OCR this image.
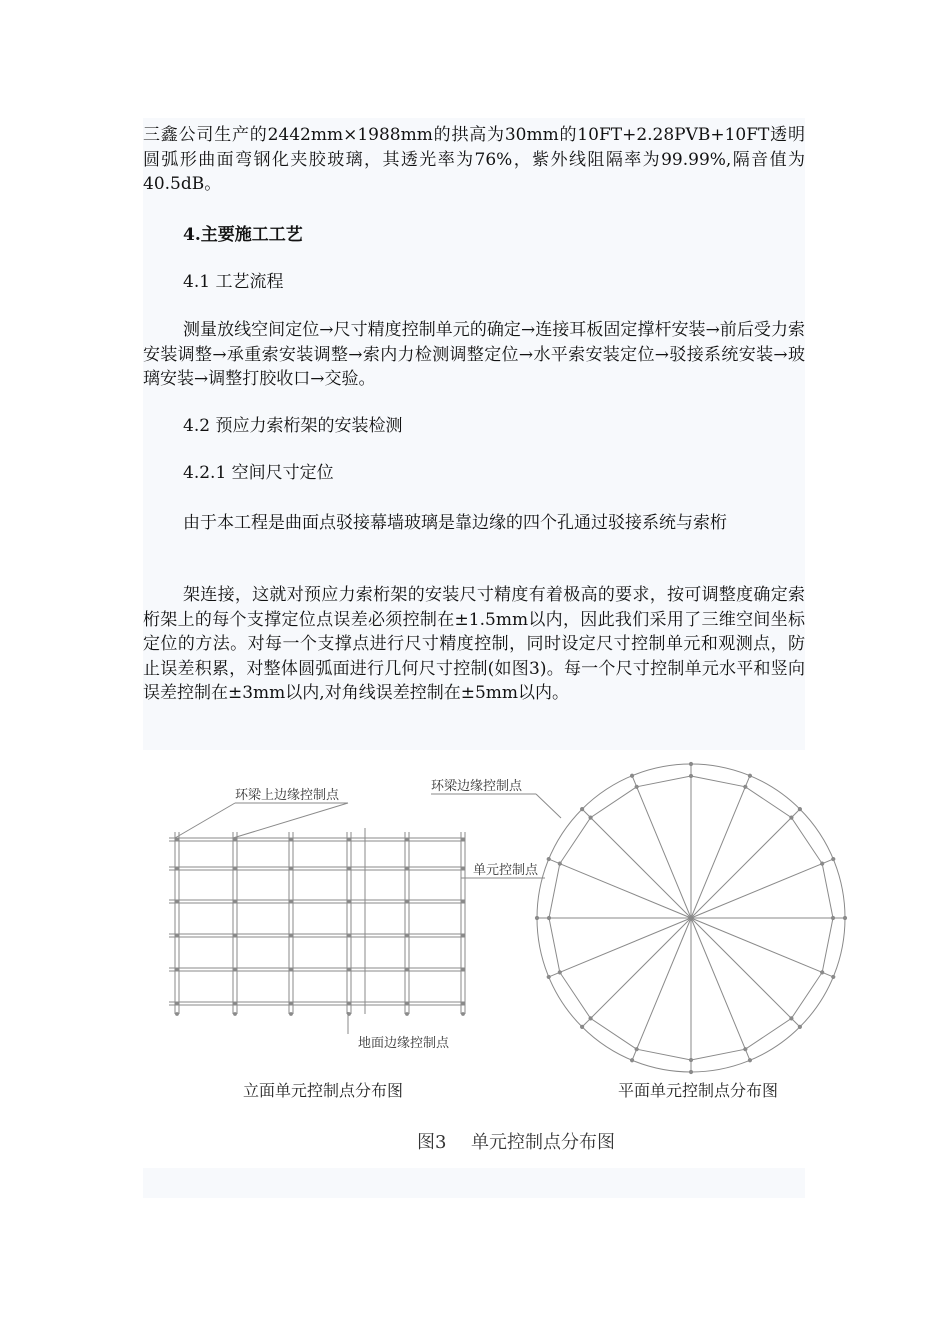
三鑫公司生产的2442mm×1988mm的拱高为30mm的10FT+2.28PVB+10FT透明圆弧形曲面弯钢化夹胶玻璃，其透光率为76%，紫外线阻隔率为99.99%,隔音值为40.5dB。

4.主要施工工艺

4.1 工艺流程

测量放线空间定位→尺寸精度控制单元的确定→连接耳板固定撑杆安装→前后受力索安装调整→承重索安装调整→索内力检测调整定位→水平索安装定位→驳接系统安装→玻璃安装→调整打胶收口→交验。

4.2 预应力索桁架的安装检测

4.2.1 空间尺寸定位

由于本工程是曲面点驳接幕墙玻璃是靠边缘的四个孔通过驳接系统与索桁

架连接，这就对预应力索桁架的安装尺寸精度有着极高的要求，按可调整度确定索桁架上的每个支撑定位点误差必须控制在±1.5mm以内，因此我们采用了三维空间坐标定位的方法。对每一个支撑点进行尺寸精度控制，同时设定尺寸控制单元和观测点，防止误差积累，对整体圆弧面进行几何尺寸控制(如图3)。每一个尺寸控制单元水平和竖向误差控制在±3mm以内,对角线误差控制在±5mm以内。

环梁上边缘控制点
单元控制点
地面边缘控制点
环梁边缘控制点
立面单元控制点分布图	平面单元控制点分布图
图3 单元控制点分布图
